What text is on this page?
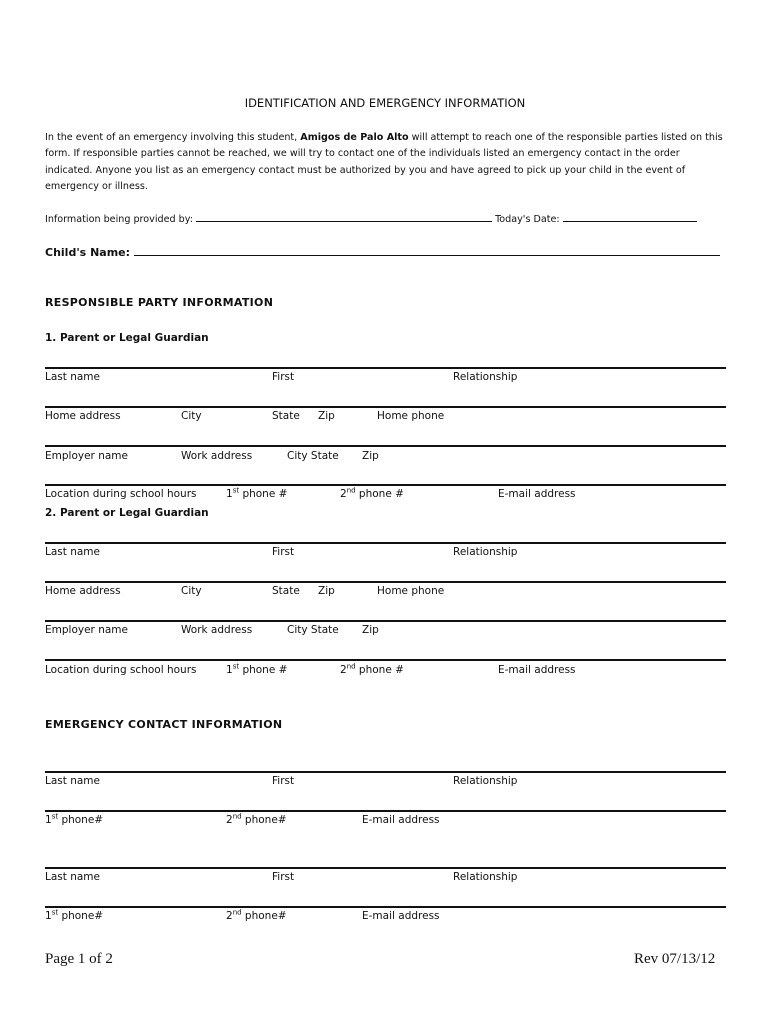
IDENTIFICATION AND EMERGENCY INFORMATION
In the event of an emergency involving this student, Amigos de Palo Alto will attempt to reach one of the responsible parties listed on this form. If responsible parties cannot be reached, we will try to contact one of the individuals listed an emergency contact in the order indicated. Anyone you list as an emergency contact must be authorized by you and have agreed to pick up your child in the event of emergency or illness.
Information being provided by:	Today's Date:
Child's Name:
RESPONSIBLE PARTY INFORMATION
1. Parent or Legal Guardian
Last name	First	Relationship
Home address	City	State Zip	Home phone
Employer name	Work address	City State Zip
Location during school hours	1st phone #	2nd phone #	E-mail address
2. Parent or Legal Guardian
Last name	First	Relationship
Home address	City	State Zip	Home phone
Employer name	Work address	City State Zip
Location during school hours	1st phone #	2nd phone #	E-mail address
EMERGENCY CONTACT INFORMATION
Last name	First	Relationship
1st phone#	2nd phone#	E-mail address
Last name	First	Relationship
1st phone#	2nd phone#	E-mail address
Page 1 of 2	Rev 07/13/12
